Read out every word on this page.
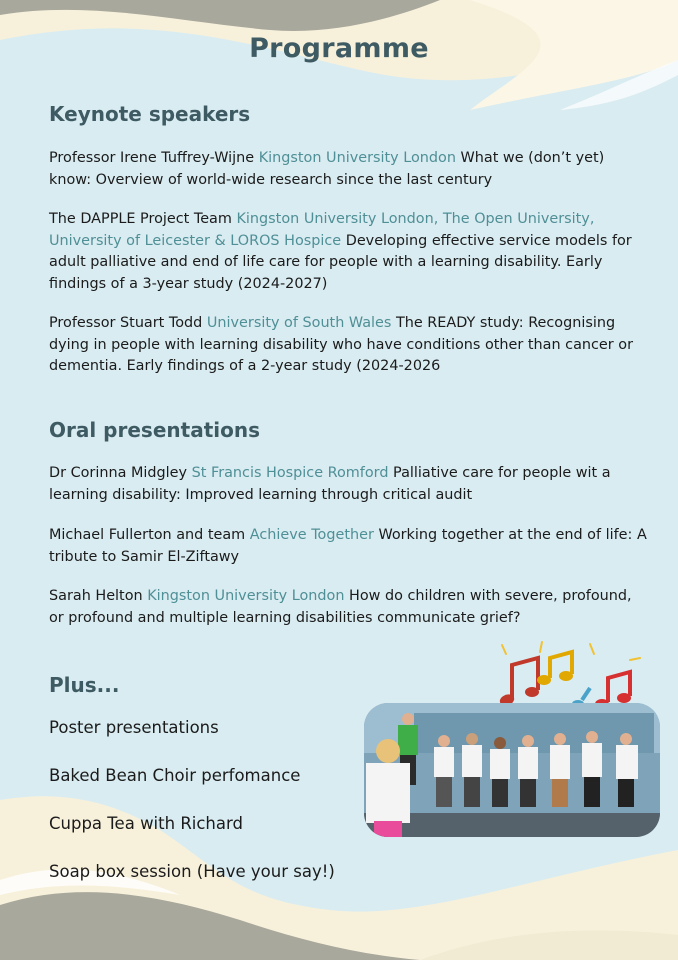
Programme
Keynote speakers

Professor Irene Tuffrey-Wijne Kingston University London What we (don’t yet) know: Overview of world-wide research since the last century

The DAPPLE Project Team Kingston University London, The Open University, University of Leicester & LOROS Hospice Developing effective service models for adult palliative and end of life care for people with a learning disability. Early findings of a 3-year study (2024-2027)

Professor Stuart Todd University of South Wales The READY study: Recognising dying in people with learning disability who have conditions other than cancer or dementia. Early findings of a 2-year study (2024-2026

Oral presentations

Dr Corinna Midgley St Francis Hospice Romford Palliative care for people wit a learning disability: Improved learning through critical audit

Michael Fullerton and team Achieve Together Working together at the end of life: A tribute to Samir El-Ziftawy

Sarah Helton Kingston University London How do children with severe, profound, or profound and multiple learning disabilities communicate grief?

Plus...

Poster presentations

Baked Bean Choir perfomance

Cuppa Tea with Richard

Soap box session (Have your say!)
